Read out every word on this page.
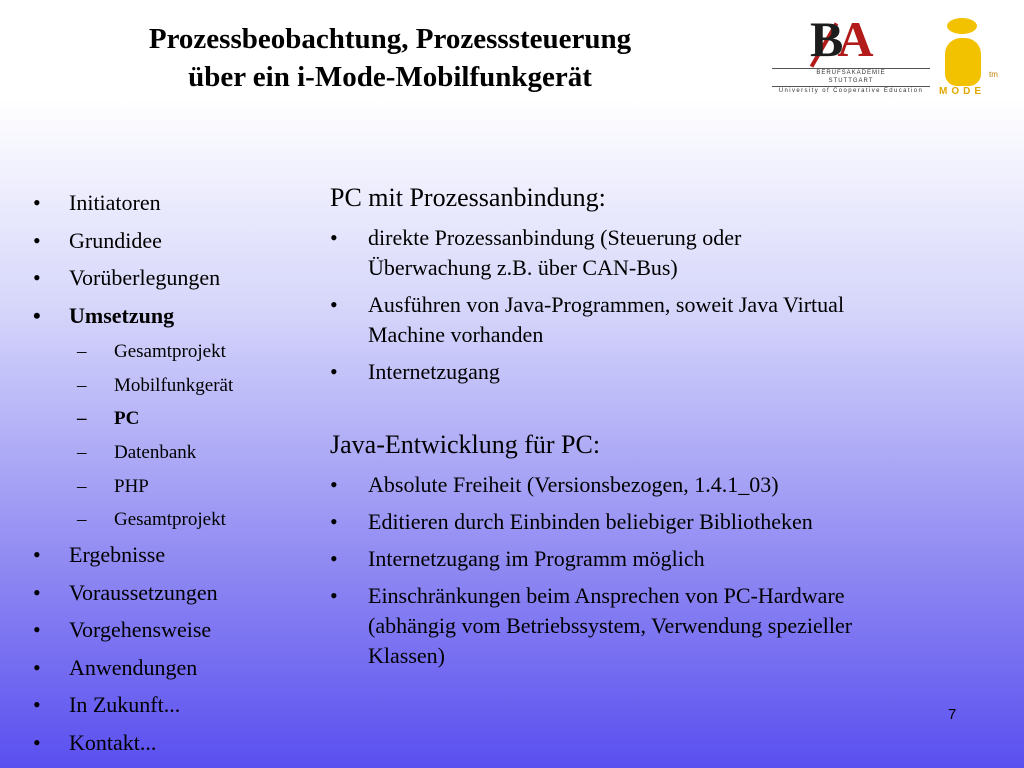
Prozessbeobachtung, Prozesssteuerung
über ein i-Mode-Mobilfunkgerät
BA
BERUFSAKADEMIE
STUTTGART
University of Cooperative Education
tm
MODE
• Initiatoren
• Grundidee
• Vorüberlegungen
• Umsetzung
– Gesamtprojekt
– Mobilfunkgerät
– PC
– Datenbank
– PHP
– Gesamtprojekt
• Ergebnisse
• Voraussetzungen
• Vorgehensweise
• Anwendungen
• In Zukunft...
• Kontakt...
PC mit Prozessanbindung:
• direkte Prozessanbindung (Steuerung oder
Überwachung z.B. über CAN-Bus)
• Ausführen von Java-Programmen, soweit Java Virtual
Machine vorhanden
• Internetzugang
Java-Entwicklung für PC:
• Absolute Freiheit (Versionsbezogen, 1.4.1_03)
• Editieren durch Einbinden beliebiger Bibliotheken
• Internetzugang im Programm möglich
• Einschränkungen beim Ansprechen von PC-Hardware
(abhängig vom Betriebssystem, Verwendung spezieller
Klassen)
7
